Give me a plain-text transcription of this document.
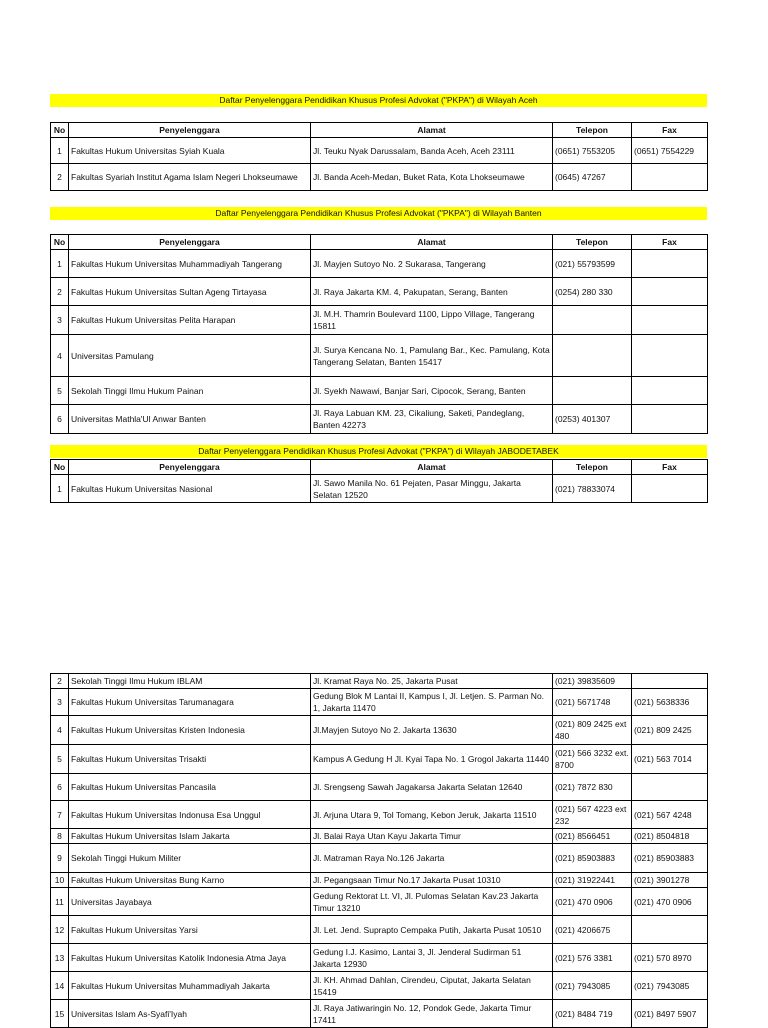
Daftar Penyelenggara Pendidikan Khusus Profesi Advokat ("PKPA") di Wilayah Aceh
No	Penyelenggara	Alamat	Telepon	Fax
1	Fakultas Hukum Universitas Syiah Kuala	Jl. Teuku Nyak Darussalam, Banda Aceh, Aceh 23111	(0651) 7553205	(0651) 7554229
2	Fakultas Syariah Institut Agama Islam Negeri Lhokseumawe	Jl. Banda Aceh-Medan, Buket Rata, Kota Lhokseumawe	(0645) 47267	
Daftar Penyelenggara Pendidikan Khusus Profesi Advokat ("PKPA") di Wilayah Banten
No	Penyelenggara	Alamat	Telepon	Fax
1	Fakultas Hukum Universitas Muhammadiyah Tangerang	Jl. Mayjen Sutoyo No. 2 Sukarasa, Tangerang	(021) 55793599	
2	Fakultas Hukum Universitas Sultan Ageng Tirtayasa	Jl. Raya Jakarta KM. 4, Pakupatan, Serang, Banten	(0254) 280 330	
3	Fakultas Hukum Universitas Pelita Harapan	Jl. M.H. Thamrin Boulevard 1100, Lippo Village, Tangerang 15811		
4	Universitas Pamulang	Jl. Surya Kencana No. 1, Pamulang Bar., Kec. Pamulang, Kota Tangerang Selatan, Banten 15417		
5	Sekolah Tinggi Ilmu Hukum Painan	Jl. Syekh Nawawi, Banjar Sari, Cipocok, Serang, Banten		
6	Universitas Mathla'Ul Anwar Banten	Jl. Raya Labuan KM. 23, Cikaliung, Saketi, Pandeglang, Banten 42273	(0253) 401307	
Daftar Penyelenggara Pendidikan Khusus Profesi Advokat ("PKPA") di Wilayah JABODETABEK
No	Penyelenggara	Alamat	Telepon	Fax
1	Fakultas Hukum Universitas Nasional	Jl. Sawo Manila No. 61 Pejaten, Pasar Minggu, Jakarta Selatan 12520	(021) 78833074	
2	Sekolah Tinggi Ilmu Hukum IBLAM	Jl. Kramat Raya No. 25, Jakarta Pusat	(021) 39835609	
3	Fakultas Hukum Universitas Tarumanagara	Gedung Blok M Lantai II, Kampus I, Jl. Letjen. S. Parman No. 1, Jakarta 11470	(021) 5671748	(021) 5638336
4	Fakultas Hukum Universitas Kristen Indonesia	Jl.Mayjen Sutoyo No 2. Jakarta 13630	(021) 809 2425 ext 480	(021) 809 2425
5	Fakultas Hukum Universitas Trisakti	Kampus A Gedung H Jl. Kyai Tapa No. 1 Grogol Jakarta 11440	(021) 566 3232 ext. 8700	(021) 563 7014
6	Fakultas Hukum Universitas Pancasila	Jl. Srengseng Sawah Jagakarsa Jakarta Selatan 12640	(021) 7872 830	
7	Fakultas Hukum Universitas Indonusa Esa Unggul	Jl. Arjuna Utara 9, Tol Tomang, Kebon Jeruk, Jakarta 11510	(021) 567 4223 ext 232	(021) 567 4248
8	Fakultas Hukum Universitas Islam Jakarta	Jl. Balai Raya Utan Kayu Jakarta Timur	(021) 8566451	(021) 8504818
9	Sekolah Tinggi Hukum Militer	Jl. Matraman Raya No.126 Jakarta	(021) 85903883	(021) 85903883
10	Fakultas Hukum Universitas Bung Karno	Jl. Pegangsaan Timur No.17 Jakarta Pusat 10310	(021) 31922441	(021) 3901278
11	Universitas Jayabaya	Gedung Rektorat Lt. VI, Jl. Pulomas Selatan Kav.23 Jakarta Timur 13210	(021) 470 0906	(021) 470 0906
12	Fakultas Hukum Universitas Yarsi	Jl. Let. Jend. Suprapto Cempaka Putih, Jakarta Pusat 10510	(021) 4206675	
13	Fakultas Hukum Universitas Katolik Indonesia Atma Jaya	Gedung I.J. Kasimo, Lantai 3, Jl. Jenderal Sudirman 51 Jakarta 12930	(021) 576 3381	(021) 570 8970
14	Fakultas Hukum Universitas Muhammadiyah Jakarta	Jl. KH. Ahmad Dahlan, Cirendeu, Ciputat, Jakarta Selatan 15419	(021) 7943085	(021) 7943085
15	Universitas Islam As-Syafi'Iyah	Jl. Raya Jatiwaringin No. 12, Pondok Gede, Jakarta Timur 17411	(021) 8484 719	(021) 8497 5907
